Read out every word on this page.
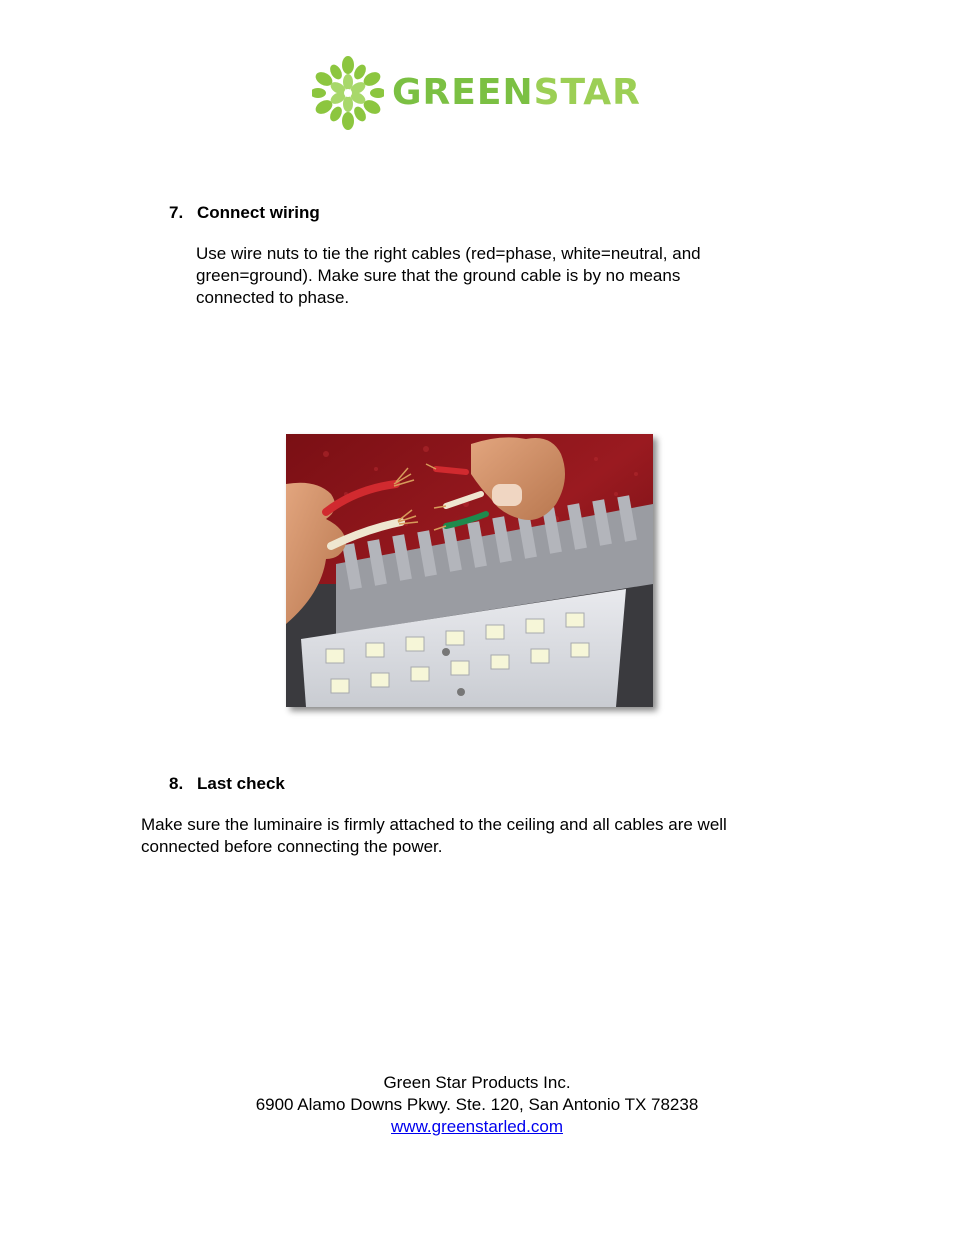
GREENSTAR
7. Connect wiring

Use wire nuts to tie the right cables (red=phase, white=neutral, and

green=ground). Make sure that the ground cable is by no means

connected to phase.

8. Last check

Make sure the luminaire is firmly attached to the ceiling and all cables are well

connected before connecting the power.

Green Star Products Inc.
6900 Alamo Downs Pkwy. Ste. 120, San Antonio TX 78238
www.greenstarled.com
